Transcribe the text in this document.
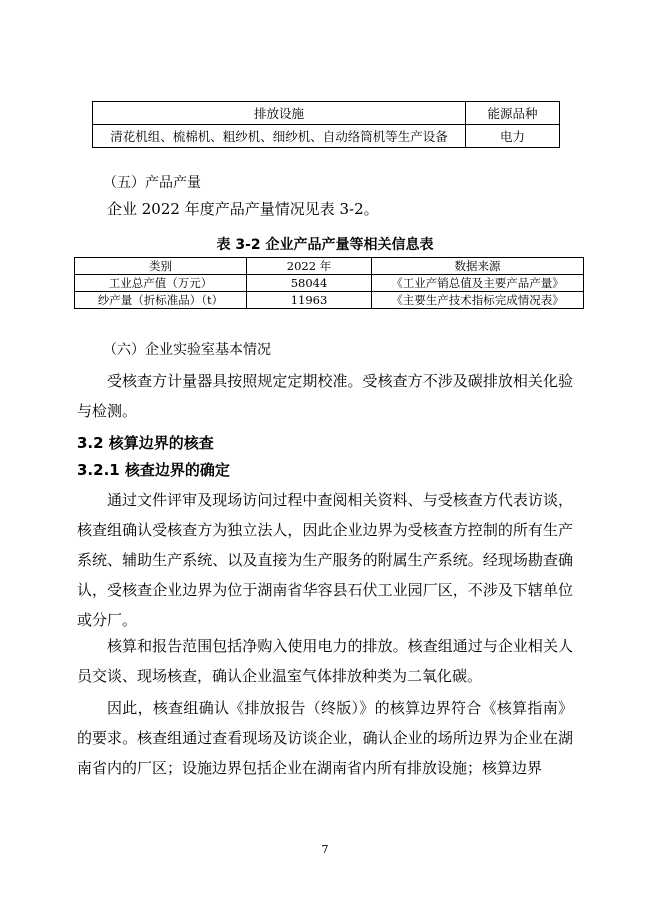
排放设施	能源品种
清花机组、梳棉机、粗纱机、细纱机、自动络筒机等生产设备	电力
（五）产品产量
企业 2022 年度产品产量情况见表 3-2。
表 3-2 企业产品产量等相关信息表
类别	2022 年	数据来源
工业总产值（万元）	58044	《工业产销总值及主要产品产量》
纱产量（折标准品）（t）	11963	《主要生产技术指标完成情况表》
（六）企业实验室基本情况

受核查方计量器具按照规定定期校准。受核查方不涉及碳排放相关化验与检测。

3.2 核算边界的核查
3.2.1 核查边界的确定

通过文件评审及现场访问过程中查阅相关资料、与受核查方代表访谈，核查组确认受核查方为独立法人，因此企业边界为受核查方控制的所有生产系统、辅助生产系统、以及直接为生产服务的附属生产系统。经现场勘查确认，受核查企业边界为位于湖南省华容县石伏工业园厂区，不涉及下辖单位或分厂。

核算和报告范围包括净购入使用电力的排放。核查组通过与企业相关人员交谈、现场核查，确认企业温室气体排放种类为二氧化碳。

因此，核查组确认《排放报告（终版）》的核算边界符合《核算指南》的要求。核查组通过查看现场及访谈企业，确认企业的场所边界为企业在湖南省内的厂区；设施边界包括企业在湖南省内所有排放设施；核算边界

7
